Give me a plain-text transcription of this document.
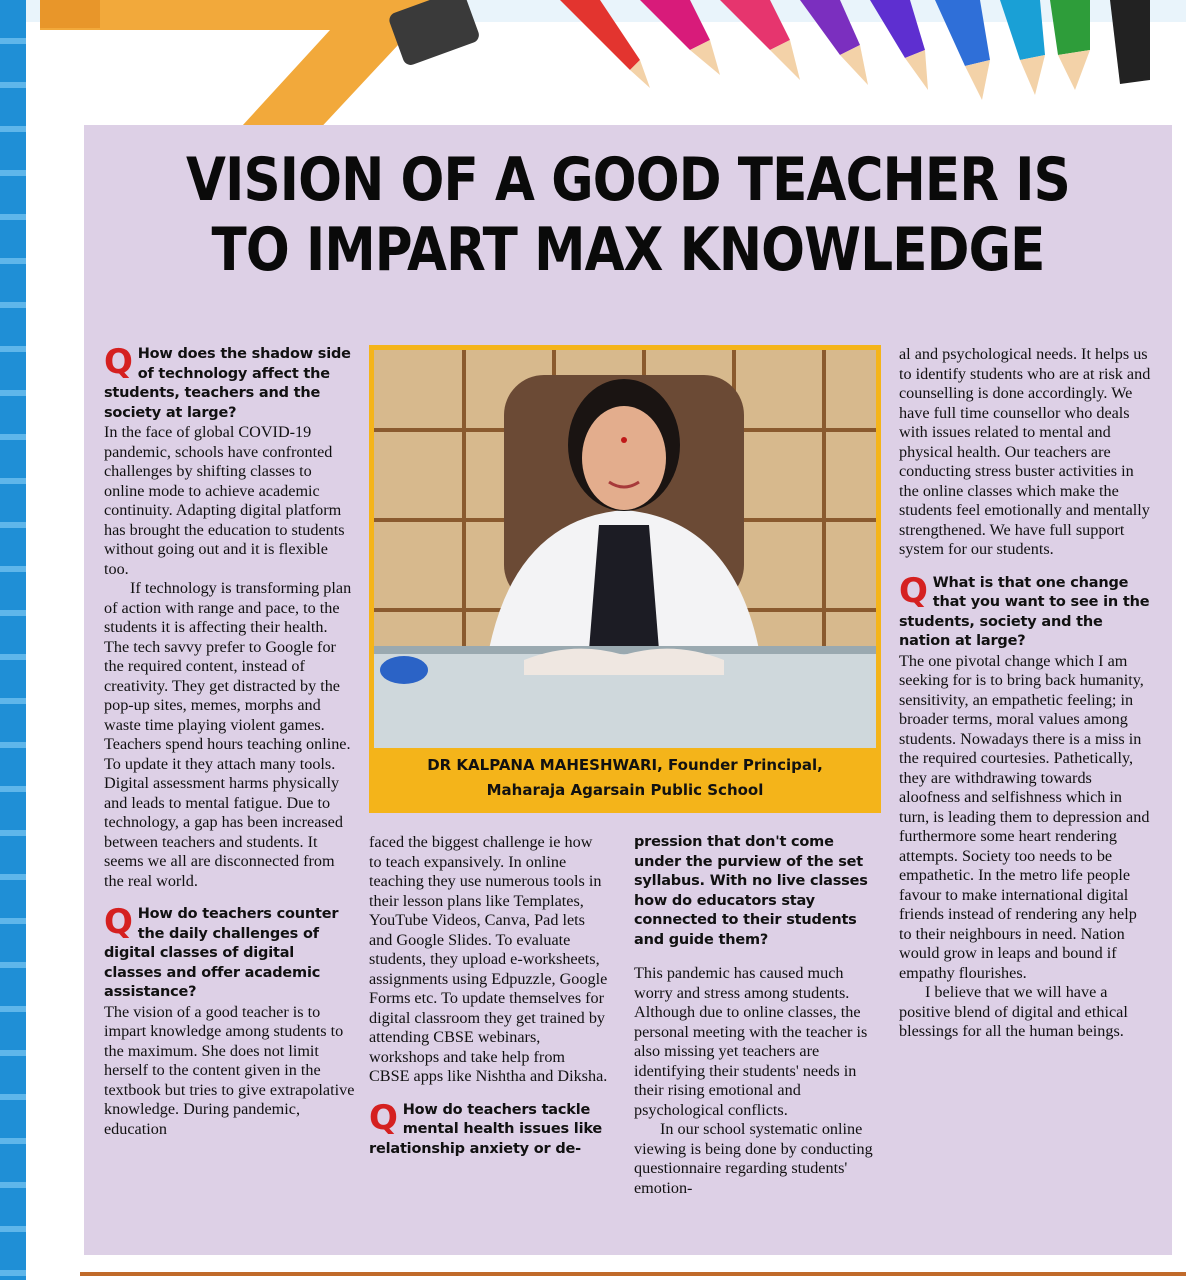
VISION OF A GOOD TEACHER IS
TO IMPART MAX KNOWLEDGE

Q How does the shadow side of technology affect the students, teachers and the society at large?

In the face of global COVID-19 pandemic, schools have confronted challenges by shifting classes to online mode to achieve academic continuity. Adapting digital platform has brought the education to students without going out and it is flexible too.

If technology is transforming plan of action with range and pace, to the students it is affecting their health. The tech savvy prefer to Google for the required content, instead of creativity. They get distracted by the pop-up sites, memes, morphs and waste time playing violent games. Teachers spend hours teaching online. To update it they attach many tools. Digital assessment harms physically and leads to mental fatigue. Due to technology, a gap has been increased between teachers and students. It seems we all are disconnected from the real world.

Q How do teachers counter the daily challenges of digital classes of digital classes and offer academic assistance?

The vision of a good teacher is to impart knowledge among students to the maximum. She does not limit herself to the content given in the textbook but tries to give extrapolative knowledge. During pandemic, education

DR KALPANA MAHESHWARI, Founder Principal,
Maharaja Agarsain Public School

faced the biggest challenge ie how to teach expansively. In online teaching they use numerous tools in their lesson plans like Templates, YouTube Videos, Canva, Pad lets and Google Slides. To evaluate students, they upload e-worksheets, assignments using Edpuzzle, Google Forms etc. To update themselves for digital classroom they get trained by attending CBSE webinars, workshops and take help from CBSE apps like Nishtha and Diksha.

Q How do teachers tackle mental health issues like relationship anxiety or de-

pression that don't come under the purview of the set syllabus. With no live classes how do educators stay connected to their students and guide them?

This pandemic has caused much worry and stress among students. Although due to online classes, the personal meeting with the teacher is also missing yet teachers are identifying their students' needs in their rising emotional and psychological conflicts.

In our school systematic online viewing is being done by conducting questionnaire regarding students' emotion-

al and psychological needs. It helps us to identify students who are at risk and counselling is done accordingly. We have full time counsellor who deals with issues related to mental and physical health. Our teachers are conducting stress buster activities in the online classes which make the students feel emotionally and mentally strengthened. We have full support system for our students.

Q What is that one change that you want to see in the students, society and the nation at large?

The one pivotal change which I am seeking for is to bring back humanity, sensitivity, an empathetic feeling; in broader terms, moral values among students. Nowadays there is a miss in the required courtesies. Pathetically, they are withdrawing towards aloofness and selfishness which in turn, is leading them to depression and furthermore some heart rendering attempts. Society too needs to be empathetic. In the metro life people favour to make international digital friends instead of rendering any help to their neighbours in need. Nation would grow in leaps and bound if empathy flourishes.

I believe that we will have a positive blend of digital and ethical blessings for all the human beings.
